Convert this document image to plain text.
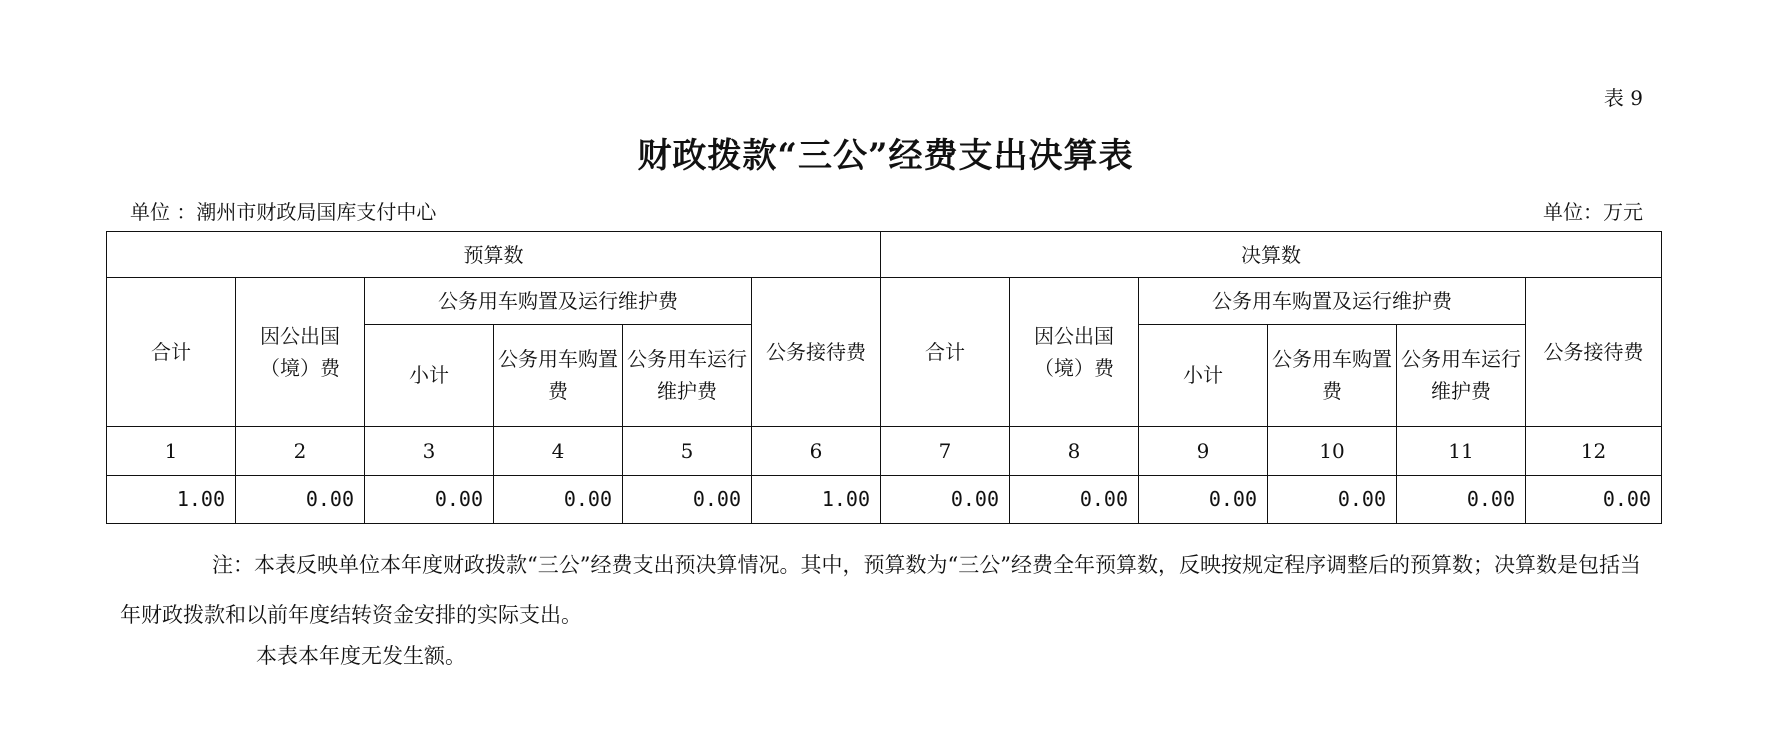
表 9
财政拨款“三公”经费支出决算表
单位 ：潮州市财政局国库支付中心	单位：万元
预算数						决算数					
合计	因公出国（境）费	公务用车购置及运行维护费			公务接待费	合计	因公出国（境）费	公务用车购置及运行维护费			公务接待费
		小计	公务用车购置费	公务用车运行维护费				小计	公务用车购置费	公务用车运行维护费	
1	2	3	4	5	6	7	8	9	10	11	12
1.00	0.00	0.00	0.00	0.00	1.00	0.00	0.00	0.00	0.00	0.00	0.00
注：本表反映单位本年度财政拨款“三公”经费支出预决算情况。其中，预算数为“三公”经费全年预算数，反映按规定程序调整后的预算数；决算数是包括当年财政拨款和以前年度结转资金安排的实际支出。
本表本年度无发生额。
